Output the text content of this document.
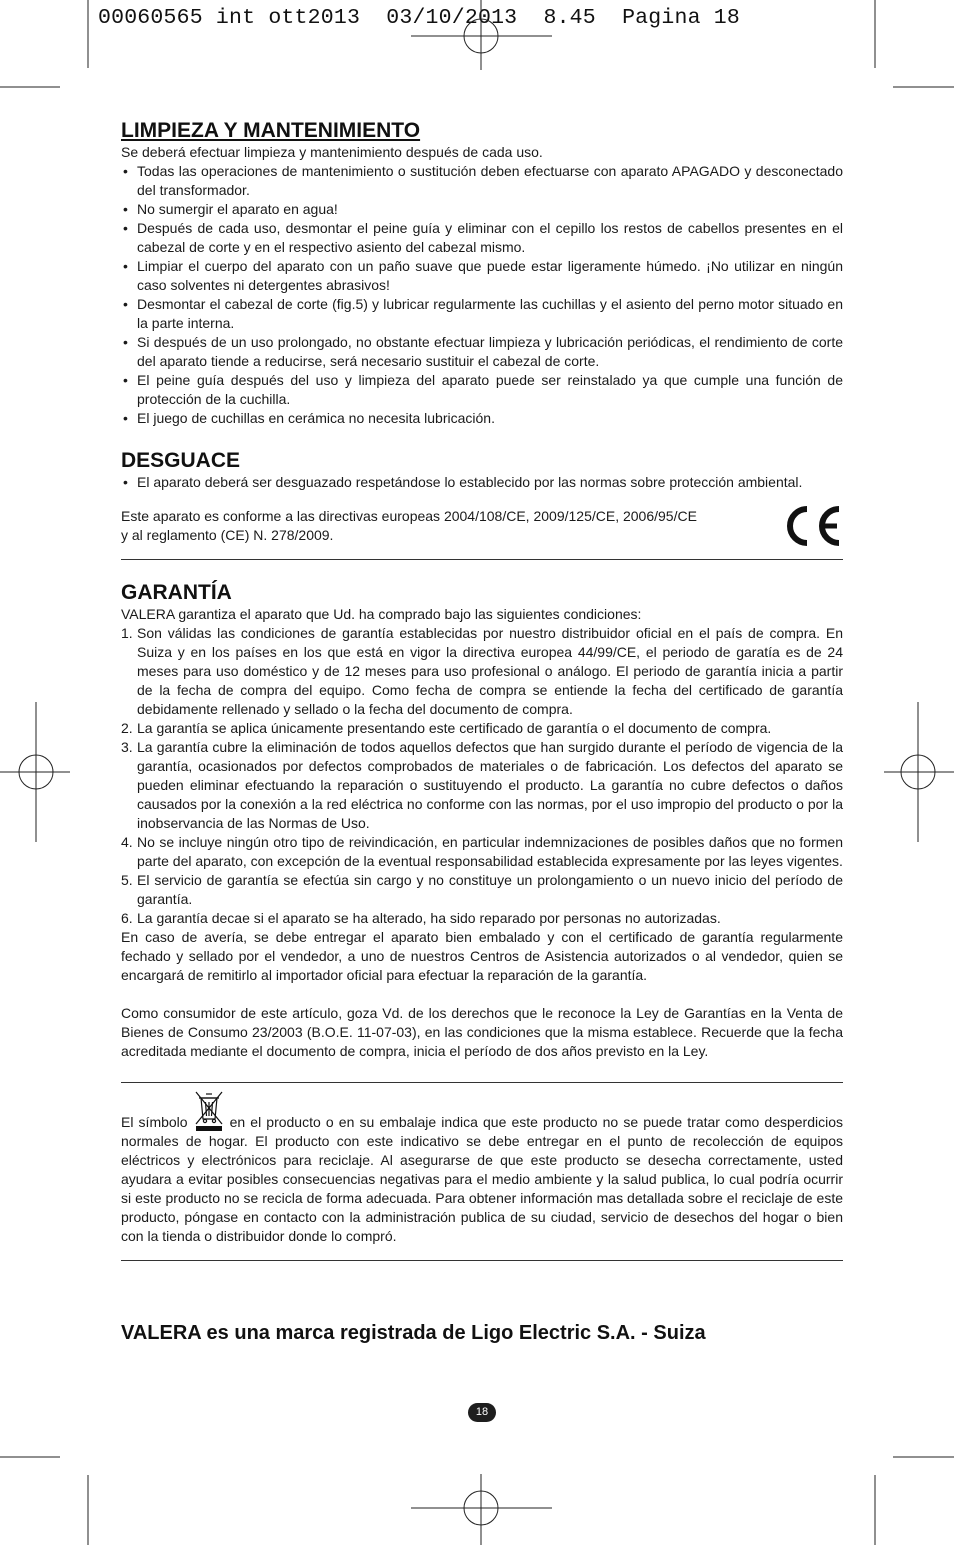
00060565 int ott2013  03/10/2013  8.45  Pagina 18

LIMPIEZA Y MANTENIMIENTO

Se deberá efectuar limpieza y mantenimiento después de cada uso.

• Todas las operaciones de mantenimiento o sustitución deben efectuarse con aparato APAGADO y desconectado del transformador.
• No sumergir el aparato en agua!
• Después de cada uso, desmontar el peine guía y eliminar con el cepillo los restos de cabellos presentes en el cabezal de corte y en el respectivo asiento del cabezal mismo.
• Limpiar el cuerpo del aparato con un paño suave que puede estar ligeramente húmedo. ¡No utilizar en ningún caso solventes ni detergentes abrasivos!
• Desmontar el cabezal de corte (fig.5) y lubricar regularmente las cuchillas y el asiento del perno motor situado en la parte interna.
• Si después de un uso prolongado, no obstante efectuar limpieza y lubricación periódicas, el rendimiento de corte del aparato tiende a reducirse, será necesario sustituir el cabezal de corte.
• El peine guía después del uso y limpieza del aparato puede ser reinstalado ya que cumple una función de protección de la cuchilla.
• El juego de cuchillas en cerámica no necesita lubricación.
DESGUACE
• El aparato deberá ser desguazado respetándose lo establecido por las normas sobre protección ambiental.

Este aparato es conforme a las directivas europeas 2004/108/CE, 2009/125/CE, 2006/95/CE

y al reglamento (CE) N. 278/2009.

GARANTÍA

VALERA garantiza el aparato que Ud. ha comprado bajo las siguientes condiciones:

1. Son válidas las condiciones de garantía establecidas por nuestro distribuidor oficial en el país de compra. En Suiza y en los países en los que está en vigor la directiva europea 44/99/CE, el periodo de garatía es de 24 meses para uso doméstico y de 12 meses para uso profesional o análogo. El periodo de garantía inicia a partir de la fecha de compra del equipo. Como fecha de compra se entiende la fecha del certificado de garantía debidamente rellenado y sellado o la fecha del documento de compra.
2. La garantía se aplica únicamente presentando este certificado de garantía o el documento de compra.
3. La garantía cubre la eliminación de todos aquellos defectos que han surgido durante el período de vigencia de la garantía, ocasionados por defectos comprobados de materiales o de fabricación. Los defectos del aparato se pueden eliminar efectuando la reparación o sustituyendo el producto. La garantía no cubre defectos o daños causados por la conexión a la red eléctrica no conforme con las normas, por el uso impropio del producto o por la inobservancia de las Normas de Uso.
4. No se incluye ningún otro tipo de reivindicación, en particular indemnizaciones de posibles daños que no formen parte del aparato, con excepción de la eventual responsabilidad establecida expresamente por las leyes vigentes.
5. El servicio de garantía se efectúa sin cargo y no constituye un prolongamiento o un nuevo inicio del período de garantía.
6. La garantía decae si el aparato se ha alterado, ha sido reparado por personas no autorizadas.

En caso de avería, se debe entregar el aparato bien embalado y con el certificado de garantía regularmente fechado y sellado por el vendedor, a uno de nuestros Centros de Asistencia autorizados o al vendedor, quien se encargará de remitirlo al importador oficial para efectuar la reparación de la garantía.

Como consumidor de este artículo, goza Vd. de los derechos que le reconoce la Ley de Garantías en la Venta de Bienes de Consumo 23/2003 (B.O.E. 11-07-03), en las condiciones que la misma establece. Recuerde que la fecha acreditada mediante el documento de compra, inicia el período de dos años previsto en la Ley.

El símbolo	en el producto o en su embalaje indica que este producto no se puede tratar como desperdicios normales de hogar. El producto con este indicativo se debe entregar en el punto de recolección de equipos eléctricos y electrónicos para reciclaje. Al asegurarse de que este producto se desecha correctamente, usted ayudara a evitar posibles consecuencias negativas para el medio ambiente y la salud publica, lo cual podría ocurrir si este producto no se recicla de forma adecuada. Para obtener información mas detallada sobre el reciclaje de este producto, póngase en contacto con la administración publica de su ciudad, servicio de desechos del hogar o bien con la tienda o distribuidor donde lo compró.

VALERA es una marca registrada de Ligo Electric S.A. - Suiza

18
